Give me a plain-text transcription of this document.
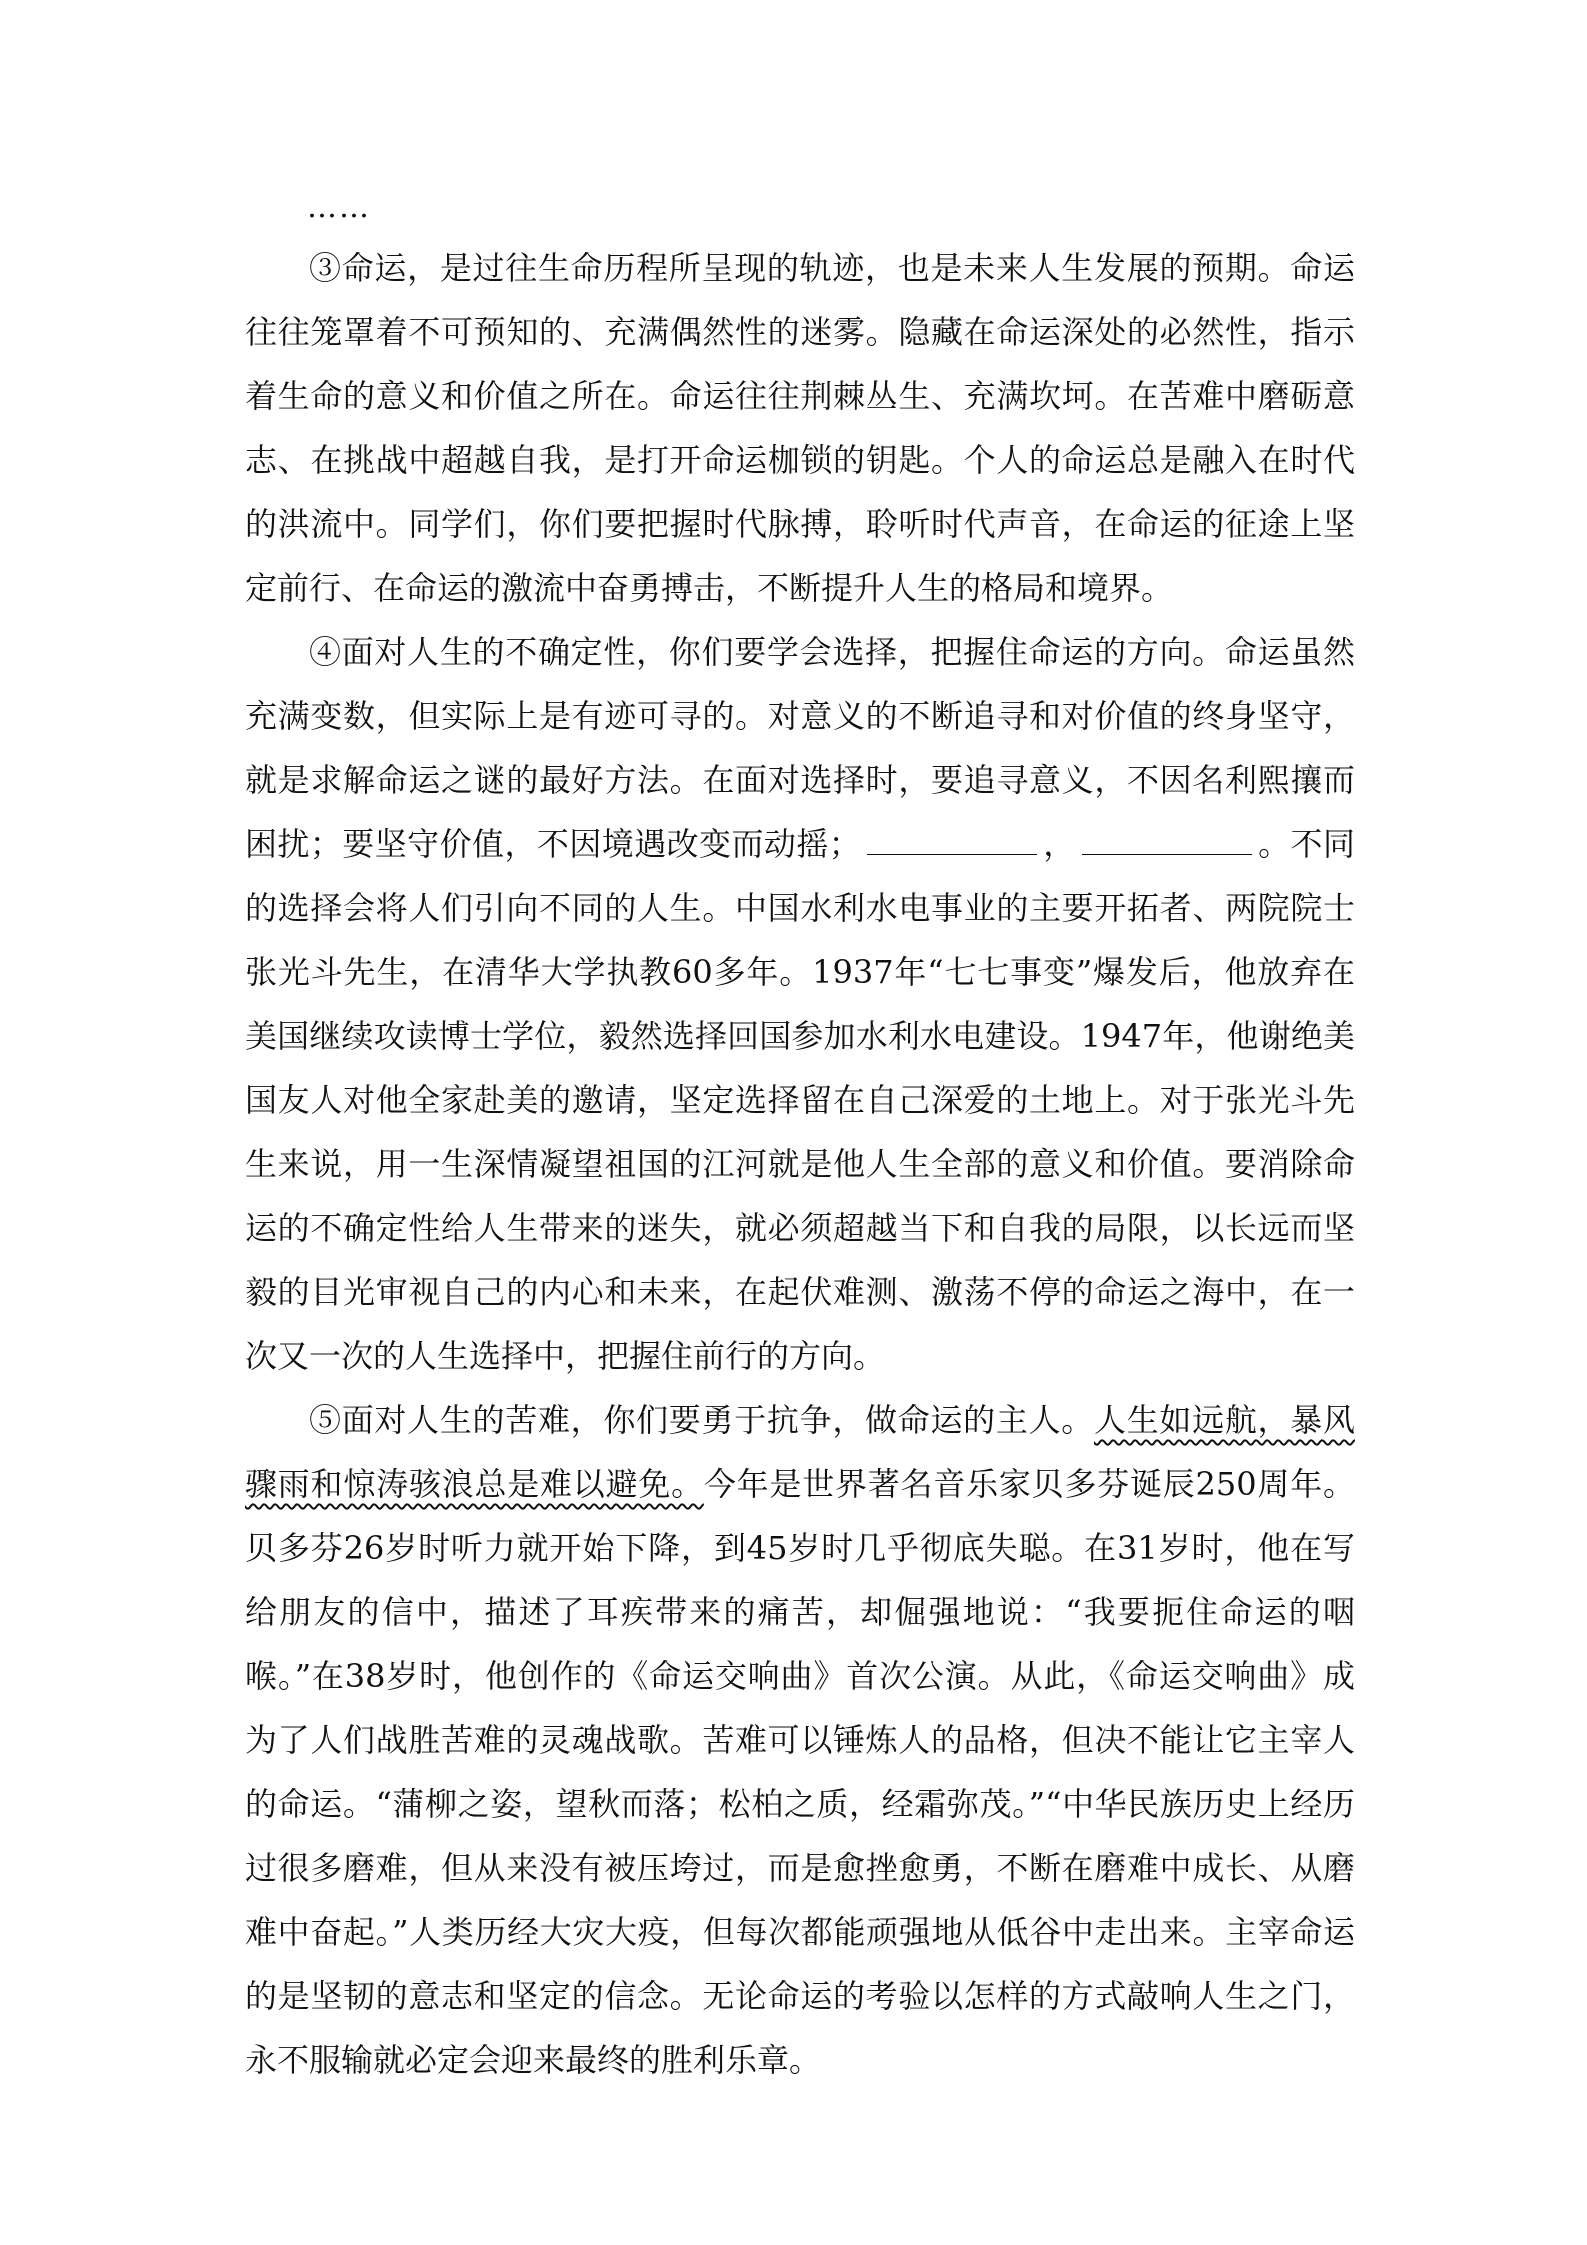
……

③命运，是过往生命历程所呈现的轨迹，也是未来人生发展的预期。命运往往笼罩着不可预知的、充满偶然性的迷雾。隐藏在命运深处的必然性，指示着生命的意义和价值之所在。命运往往荆棘丛生、充满坎坷。在苦难中磨砺意志、在挑战中超越自我，是打开命运枷锁的钥匙。个人的命运总是融入在时代的洪流中。同学们，你们要把握时代脉搏，聆听时代声音，在命运的征途上坚定前行、在命运的激流中奋勇搏击，不断提升人生的格局和境界。

④面对人生的不确定性，你们要学会选择，把握住命运的方向。命运虽然充满变数，但实际上是有迹可寻的。对意义的不断追寻和对价值的终身坚守，就是求解命运之谜的最好方法。在面对选择时，要追寻意义，不因名利熙攘而困扰；要坚守价值，不因境遇改变而动摇；	，	。不同的选择会将人们引向不同的人生。中国水利水电事业的主要开拓者、两院院士张光斗先生，在清华大学执教60多年。1937年“七七事变”爆发后，他放弃在美国继续攻读博士学位，毅然选择回国参加水利水电建设。1947年，他谢绝美国友人对他全家赴美的邀请，坚定选择留在自己深爱的土地上。对于张光斗先生来说，用一生深情凝望祖国的江河就是他人生全部的意义和价值。要消除命运的不确定性给人生带来的迷失，就必须超越当下和自我的局限，以长远而坚毅的目光审视自己的内心和未来，在起伏难测、激荡不停的命运之海中，在一次又一次的人生选择中，把握住前行的方向。

⑤面对人生的苦难，你们要勇于抗争，做命运的主人。人生如远航，暴风骤雨和惊涛骇浪总是难以避免。今年是世界著名音乐家贝多芬诞辰250周年。贝多芬26岁时听力就开始下降，到45岁时几乎彻底失聪。在31岁时，他在写给朋友的信中，描述了耳疾带来的痛苦，却倔强地说：“我要扼住命运的咽喉。”在38岁时，他创作的《命运交响曲》首次公演。从此，《命运交响曲》成为了人们战胜苦难的灵魂战歌。苦难可以锤炼人的品格，但决不能让它主宰人的命运。“蒲柳之姿，望秋而落；松柏之质，经霜弥茂。”“中华民族历史上经历过很多磨难，但从来没有被压垮过，而是愈挫愈勇，不断在磨难中成长、从磨难中奋起。”人类历经大灾大疫，但每次都能顽强地从低谷中走出来。主宰命运的是坚韧的意志和坚定的信念。无论命运的考验以怎样的方式敲响人生之门，永不服输就必定会迎来最终的胜利乐章。
